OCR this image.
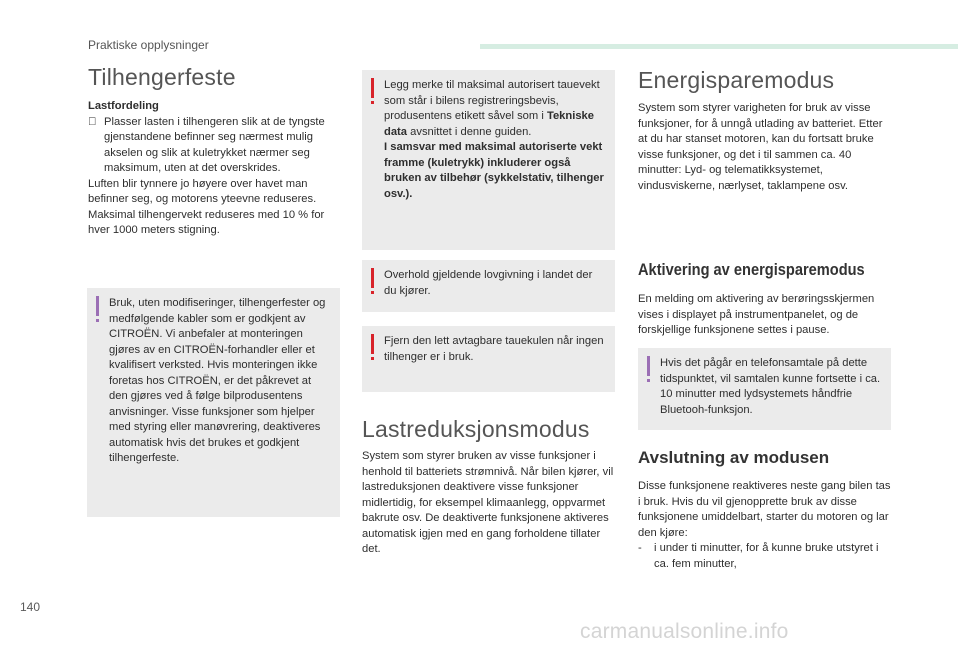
Praktiske opplysninger
Tilhengerfeste

Lastfordeling

Plasser lasten i tilhengeren slik at de tyngste gjenstandene befinner seg nærmest mulig akselen og slik at kuletrykket nærmer seg maksimum, uten at det overskrides.

Luften blir tynnere jo høyere over havet man befinner seg, og motorens yteevne reduseres. Maksimal tilhengervekt reduseres med 10 % for hver 1000 meters stigning.

Bruk, uten modifiseringer, tilhengerfester og medfølgende kabler som er godkjent av CITROËN. Vi anbefaler at monteringen gjøres av en CITROËN-forhandler eller et kvalifisert verksted. Hvis monteringen ikke foretas hos CITROËN, er det påkrevet at den gjøres ved å følge bilprodusentens anvisninger. Visse funksjoner som hjelper med styring eller manøvrering, deaktiveres automatisk hvis det brukes et godkjent tilhengerfeste.

Legg merke til maksimal autorisert tauevekt som står i bilens registreringsbevis, produsentens etikett såvel som i Tekniske data avsnittet i denne guiden.

I samsvar med maksimal autoriserte vekt framme (kuletrykk) inkluderer også bruken av tilbehør (sykkelstativ, tilhenger osv.).

Overhold gjeldende lovgivning i landet der du kjører.
Fjern den lett avtagbare tauekulen når ingen tilhenger er i bruk.
Lastreduksjonsmodus
System som styrer bruken av visse funksjoner i henhold til batteriets strømnivå. Når bilen kjører, vil lastreduksjonen deaktivere visse funksjoner midlertidig, for eksempel klimaanlegg, oppvarmet bakrute osv. De deaktiverte funksjonene aktiveres automatisk igjen med en gang forholdene tillater det.
Energisparemodus
System som styrer varigheten for bruk av visse funksjoner, for å unngå utlading av batteriet. Etter at du har stanset motoren, kan du fortsatt bruke visse funksjoner, og det i til sammen ca. 40 minutter: Lyd- og telematikksystemet, vindusviskerne, nærlyset, taklampene osv.
Aktivering av energisparemodus
En melding om aktivering av berøringsskjermen vises i displayet på instrumentpanelet, og de forskjellige funksjonene settes i pause.
Hvis det pågår en telefonsamtale på dette tidspunktet, vil samtalen kunne fortsette i ca. 10 minutter med lydsystemets håndfrie Bluetooh-funksjon.
Avslutning av modusen

Disse funksjonene reaktiveres neste gang bilen tas i bruk. Hvis du vil gjenopprette bruk av disse funksjonene umiddelbart, starter du motoren og lar den kjøre:

-	i under ti minutter, for å kunne bruke utstyret i ca. fem minutter,
140
carmanualsonline.info
